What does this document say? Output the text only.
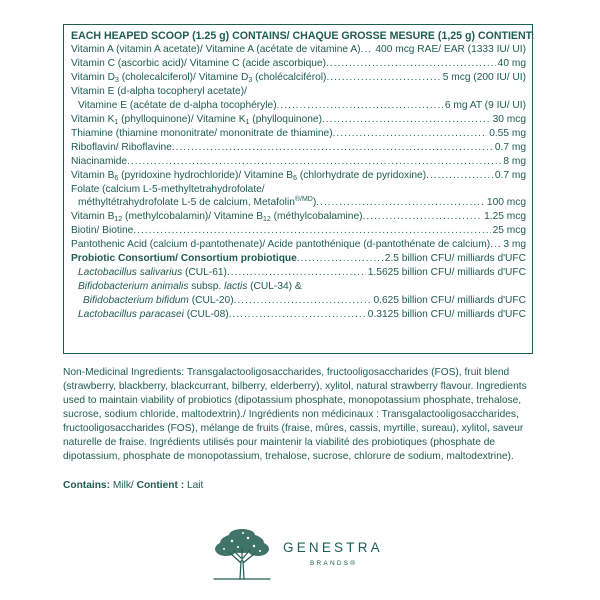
EACH HEAPED SCOOP (1.25 g) CONTAINS/ CHAQUE GROSSE MESURE (1,25 g) CONTIENT:
Vitamin A (vitamin A acetate)/ Vitamine A (acétate de vitamine A) ..... 400 mcg RAE/ EAR (1333 IU/ UI)
Vitamin C (ascorbic acid)/ Vitamine C (acide ascorbique) .....	40 mg
Vitamin $D_3$ (cholecalciferol)/ Vitamine $D_3$ (cholécalciférol) .....	5 mcg (200 IU/ UI)
Vitamin E (d-alpha tocopheryl acetate)/
Vitamine E (acétate de d-alpha tocophéryle) .....	6 mg AT (9 IU/ UI)
Vitamin $K_1$ (phylloquinone)/ Vitamine $K_1$ (phylloquinone) .....	30 mcg
Thiamine (thiamine mononitrate/ mononitrate de thiamine) .....	0.55 mg
Riboflavin/ Riboflavine .....	0.7 mg
Niacinamide .....	8 mg
Vitamin $B_6$ (pyridoxine hydrochloride)/ Vitamine $B_6$ (chlorhydrate de pyridoxine) .....	0.7 mg
Folate (calcium L-5-methyltetrahydrofolate/
méthyltétrahydrofolate L-5 de calcium, Metafolin$^{®/MD}$) .....	100 mcg
Vitamin $B_{12}$ (methylcobalamin)/ Vitamine $B_{12}$ (méthylcobalamine) .....	1.25 mcg
Biotin/ Biotine .....	25 mcg
Pantothenic Acid (calcium d-pantothenate)/ Acide pantothénique (d-pantothénate de calcium) ..... 3 mg
Probiotic Consortium/ Consortium probiotique .....	2.5 billion CFU/ milliards d'UFC
Lactobacillus salivarius (CUL-61) .....	1.5625 billion CFU/ milliards d'UFC
Bifidobacterium animalis subsp. lactis (CUL-34) &
Bifidobacterium bifidum (CUL-20) .....	0.625 billion CFU/ milliards d'UFC
Lactobacillus paracasei (CUL-08) .....	0.3125 billion CFU/ milliards d'UFC
Non-Medicinal Ingredients: Transgalactooligosaccharides, fructooligosaccharides (FOS), fruit blend (strawberry, blackberry, blackcurrant, bilberry, elderberry), xylitol, natural strawberry flavour. Ingredients used to maintain viability of probiotics (dipotassium phosphate, monopotassium phosphate, trehalose, sucrose, sodium chloride, maltodextrin)./ Ingrédients non médicinaux : Transgalactooligosaccharides, fructooligosaccharides (FOS), mélange de fruits (fraise, mûres, cassis, myrtille, sureau), xylitol, saveur naturelle de fraise. Ingrédients utilisés pour maintenir la viabilité des probiotiques (phosphate de dipotassium, phosphate de monopotassium, trehalose, sucrose, chlorure de sodium, maltodextrine).
Contains: Milk/ Contient : Lait
GENESTRA
BRANDS®
